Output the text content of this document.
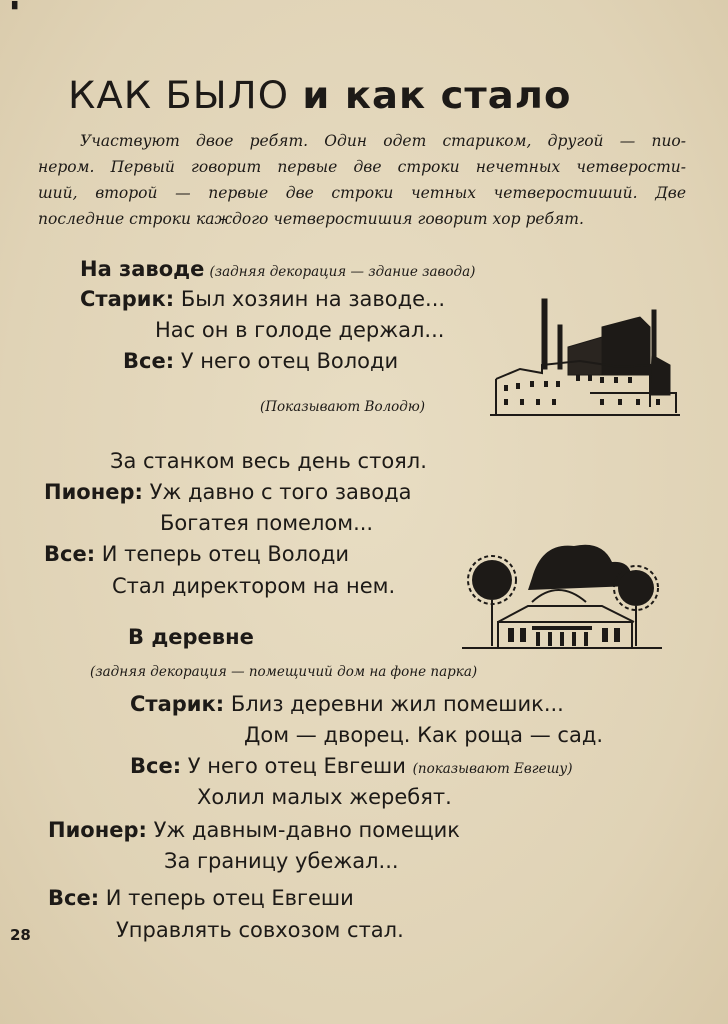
▘
КАК БЫЛО и как стало

Участвуют двое ребят. Один одет стариком, другой — пио-

нером. Первый говорит первые две строки нечетных четверости-

ший, второй — первые две строки четных четверостиший. Две

последние строки каждого четверостишия говорит хор ребят.

На заводе (задняя декорация — здание завода)
Старик: Был хозяин на заводе...
Нас он в голоде держал...
Все: У него отец Володи
(Показывают Володю)
За станком весь день стоял.
Пионер: Уж давно с того завода
Богатея помелом...
Все: И теперь отец Володи
Стал директором на нем.
В деревне
(задняя декорация — помещичий дом на фоне парка)
Старик: Близ деревни жил помешик...
Дом — дворец. Как роща — сад.
Все: У него отец Евгеши (показывают Евгешу)
Холил малых жеребят.
Пионер: Уж давным-давно помещик
За границу убежал...
Все: И теперь отец Евгеши
Управлять совхозом стал.
28
